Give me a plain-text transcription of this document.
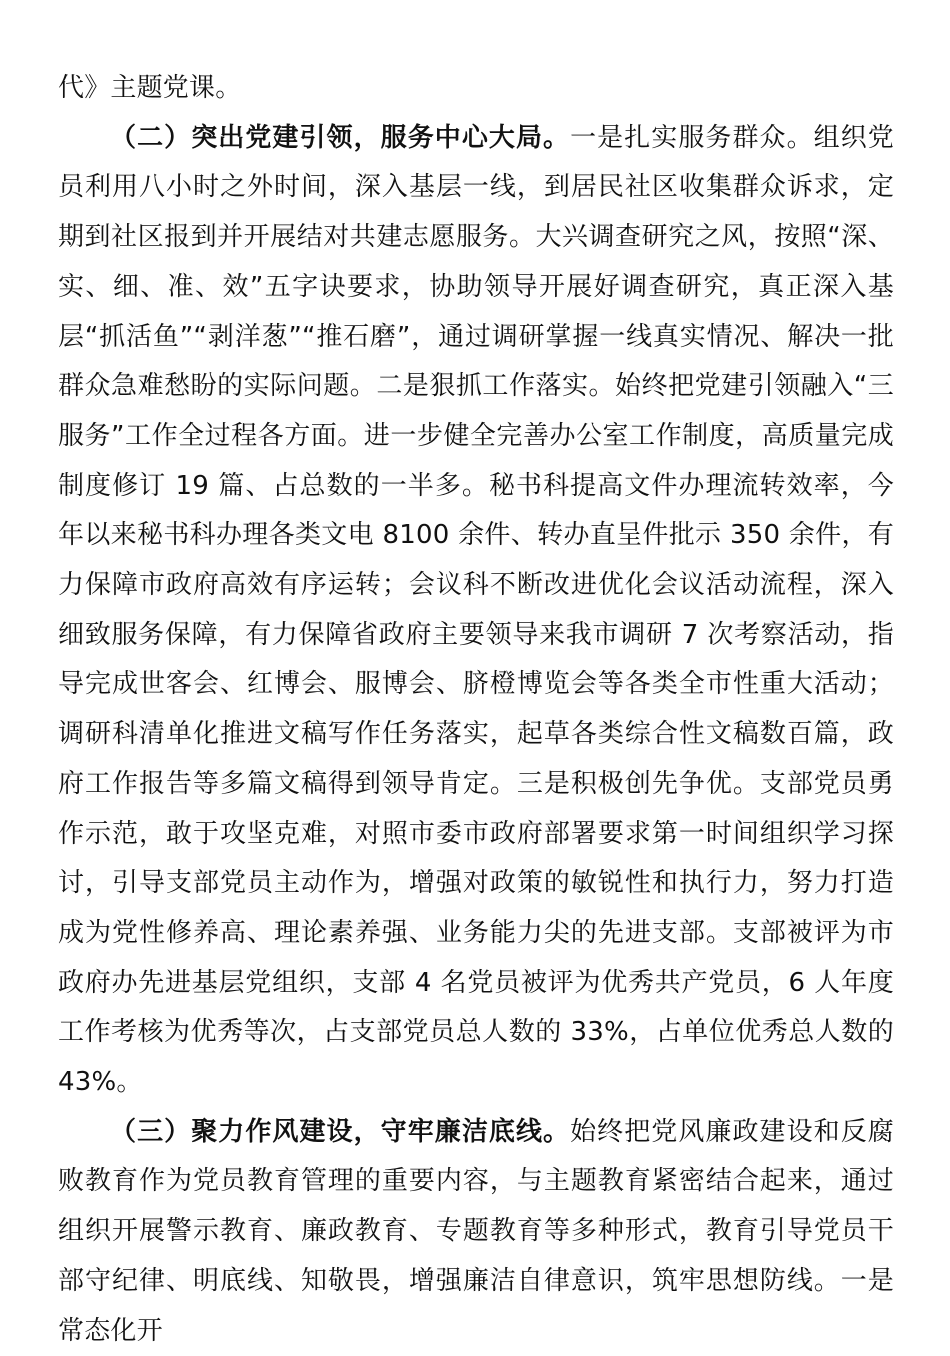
代》主题党课。

（二）突出党建引领，服务中心大局。一是扎实服务群众。组织党员利用八小时之外时间，深入基层一线，到居民社区收集群众诉求，定期到社区报到并开展结对共建志愿服务。大兴调查研究之风，按照“深、实、细、准、效”五字诀要求，协助领导开展好调查研究，真正深入基层“抓活鱼”“剥洋葱”“推石磨”，通过调研掌握一线真实情况、解决一批群众急难愁盼的实际问题。二是狠抓工作落实。始终把党建引领融入“三服务”工作全过程各方面。进一步健全完善办公室工作制度，高质量完成制度修订 19 篇、占总数的一半多。秘书科提高文件办理流转效率，今年以来秘书科办理各类文电 8100 余件、转办直呈件批示 350 余件，有力保障市政府高效有序运转；会议科不断改进优化会议活动流程，深入细致服务保障，有力保障省政府主要领导来我市调研 7 次考察活动，指导完成世客会、红博会、服博会、脐橙博览会等各类全市性重大活动；调研科清单化推进文稿写作任务落实，起草各类综合性文稿数百篇，政府工作报告等多篇文稿得到领导肯定。三是积极创先争优。支部党员勇作示范，敢于攻坚克难，对照市委市政府部署要求第一时间组织学习探讨，引导支部党员主动作为，增强对政策的敏锐性和执行力，努力打造成为党性修养高、理论素养强、业务能力尖的先进支部。支部被评为市政府办先进基层党组织，支部 4 名党员被评为优秀共产党员，6 人年度工作考核为优秀等次，占支部党员总人数的 33%，占单位优秀总人数的 43%。

（三）聚力作风建设，守牢廉洁底线。始终把党风廉政建设和反腐败教育作为党员教育管理的重要内容，与主题教育紧密结合起来，通过组织开展警示教育、廉政教育、专题教育等多种形式，教育引导党员干部守纪律、明底线、知敬畏，增强廉洁自律意识，筑牢思想防线。一是常态化开
